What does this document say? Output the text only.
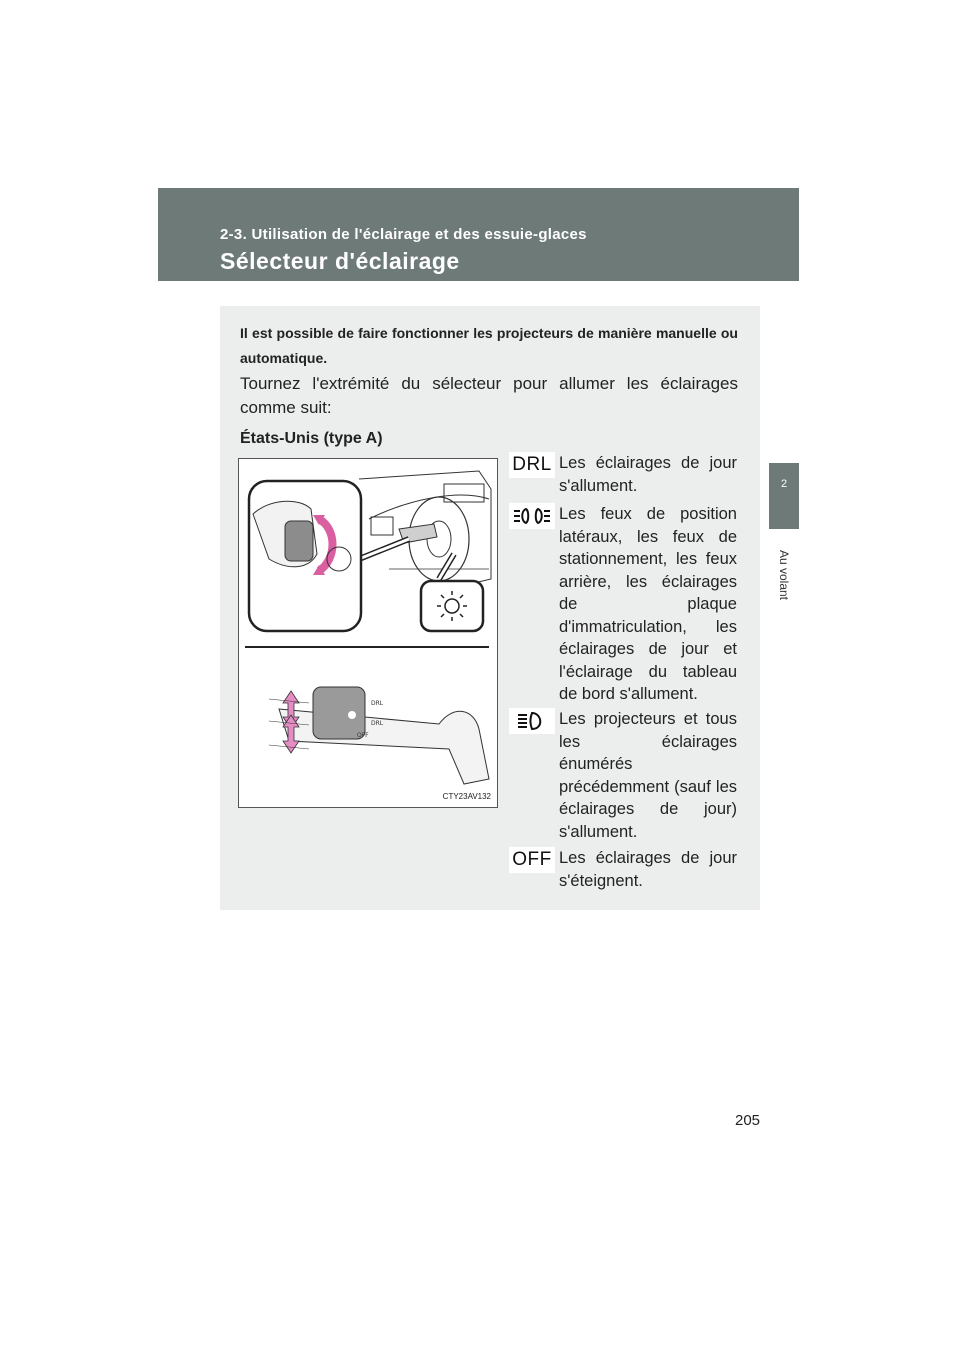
2-3. Utilisation de l'éclairage et des essuie-glaces
Sélecteur d'éclairage
2
Au volant
Il est possible de faire fonctionner les projecteurs de manière manuelle ou automatique.
Tournez l'extrémité du sélecteur pour allumer les éclairages comme suit:
États-Unis (type A)
DRL
DRL
OFF
CTY23AV132
DRL Les éclairages de jour s'allument.
Les feux de position latéraux, les feux de stationnement, les feux arrière, les éclairages de plaque d'immatriculation, les éclairages de jour et l'éclairage du tableau de bord s'allument.
Les projecteurs et tous les éclairages énumérés précédemment (sauf les éclairages de jour) s'allument.
OFF Les éclairages de jour s'éteignent.
205
